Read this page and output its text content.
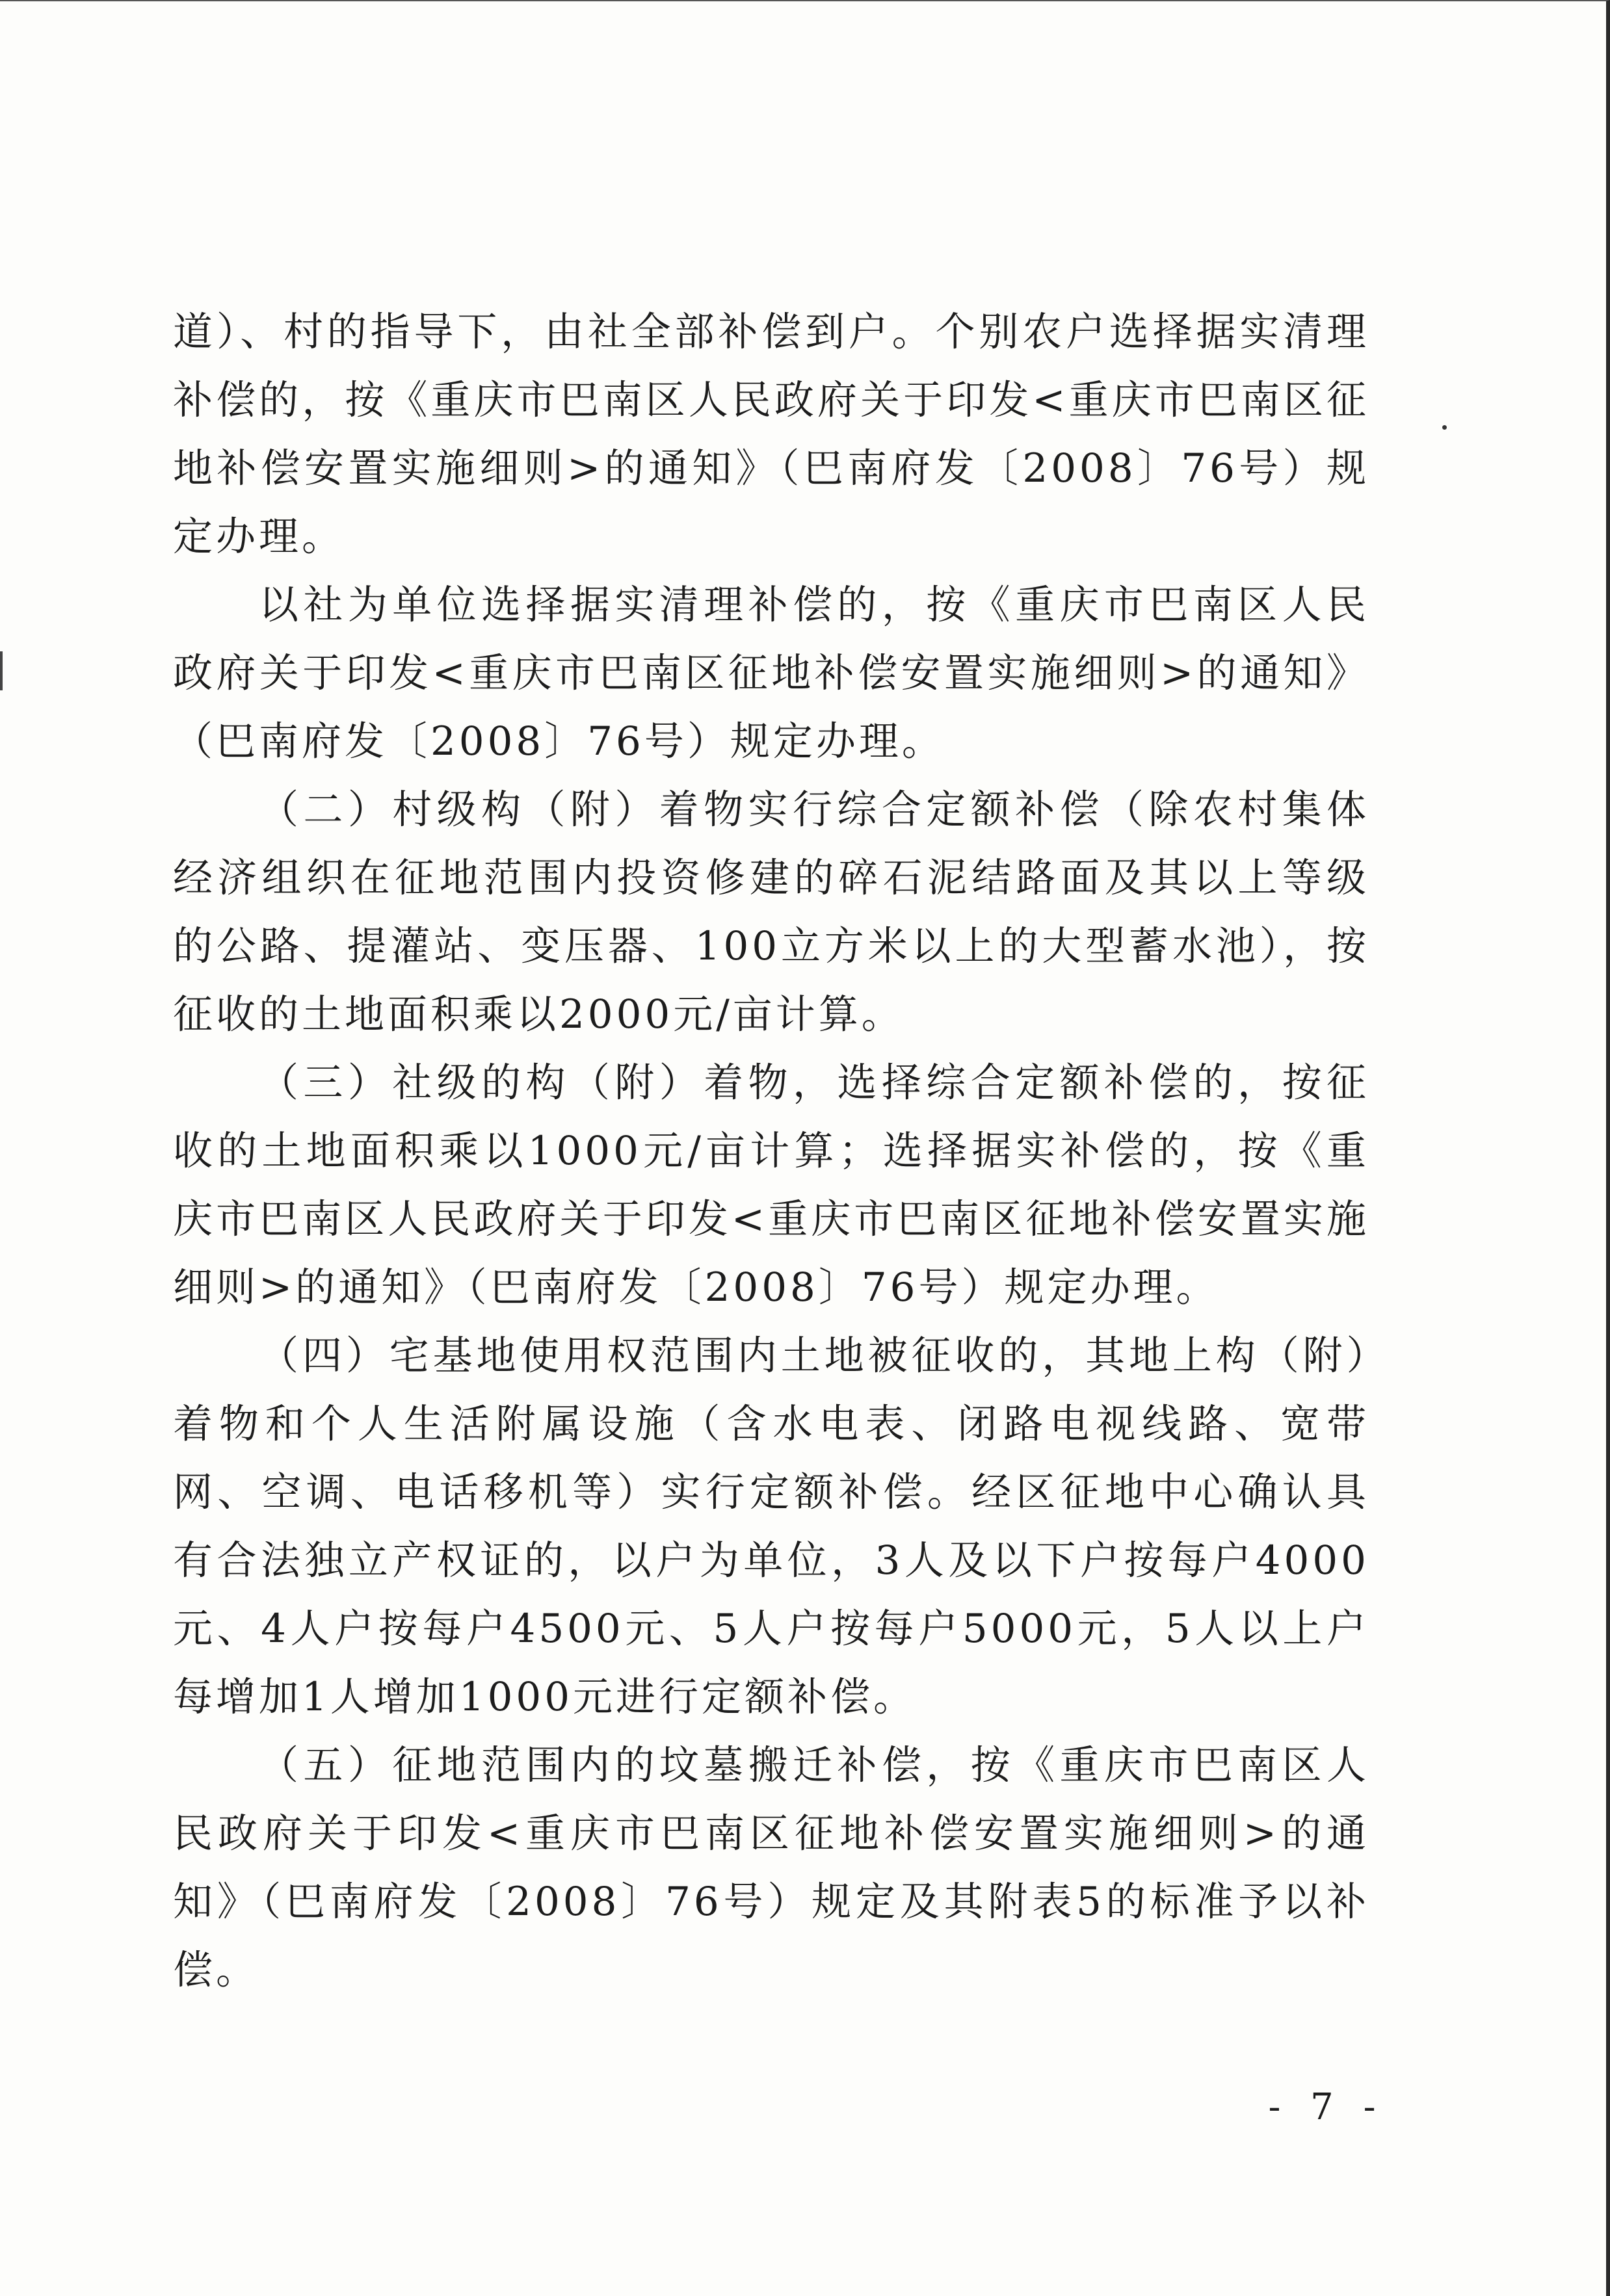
道）、村的指导下，由社全部补偿到户。个别农户选择据实清理补偿的，按《重庆市巴南区人民政府关于印发<重庆市巴南区征地补偿安置实施细则>的通知》（巴南府发〔2008〕76号）规定办理。

以社为单位选择据实清理补偿的，按《重庆市巴南区人民政府关于印发<重庆市巴南区征地补偿安置实施细则>的通知》（巴南府发〔2008〕76号）规定办理。

（二）村级构（附）着物实行综合定额补偿（除农村集体经济组织在征地范围内投资修建的碎石泥结路面及其以上等级的公路、提灌站、变压器、100立方米以上的大型蓄水池），按征收的土地面积乘以2000元/亩计算。

（三）社级的构（附）着物，选择综合定额补偿的，按征收的土地面积乘以1000元/亩计算；选择据实补偿的，按《重庆市巴南区人民政府关于印发<重庆市巴南区征地补偿安置实施细则>的通知》（巴南府发〔2008〕76号）规定办理。

（四）宅基地使用权范围内土地被征收的，其地上构（附）着物和个人生活附属设施（含水电表、闭路电视线路、宽带网、空调、电话移机等）实行定额补偿。经区征地中心确认具有合法独立产权证的，以户为单位，3人及以下户按每户4000元、4人户按每户4500元、5人户按每户5000元，5人以上户每增加1人增加1000元进行定额补偿。

（五）征地范围内的坟墓搬迁补偿，按《重庆市巴南区人民政府关于印发<重庆市巴南区征地补偿安置实施细则>的通知》（巴南府发〔2008〕76号）规定及其附表5的标准予以补偿。

- 7 -
